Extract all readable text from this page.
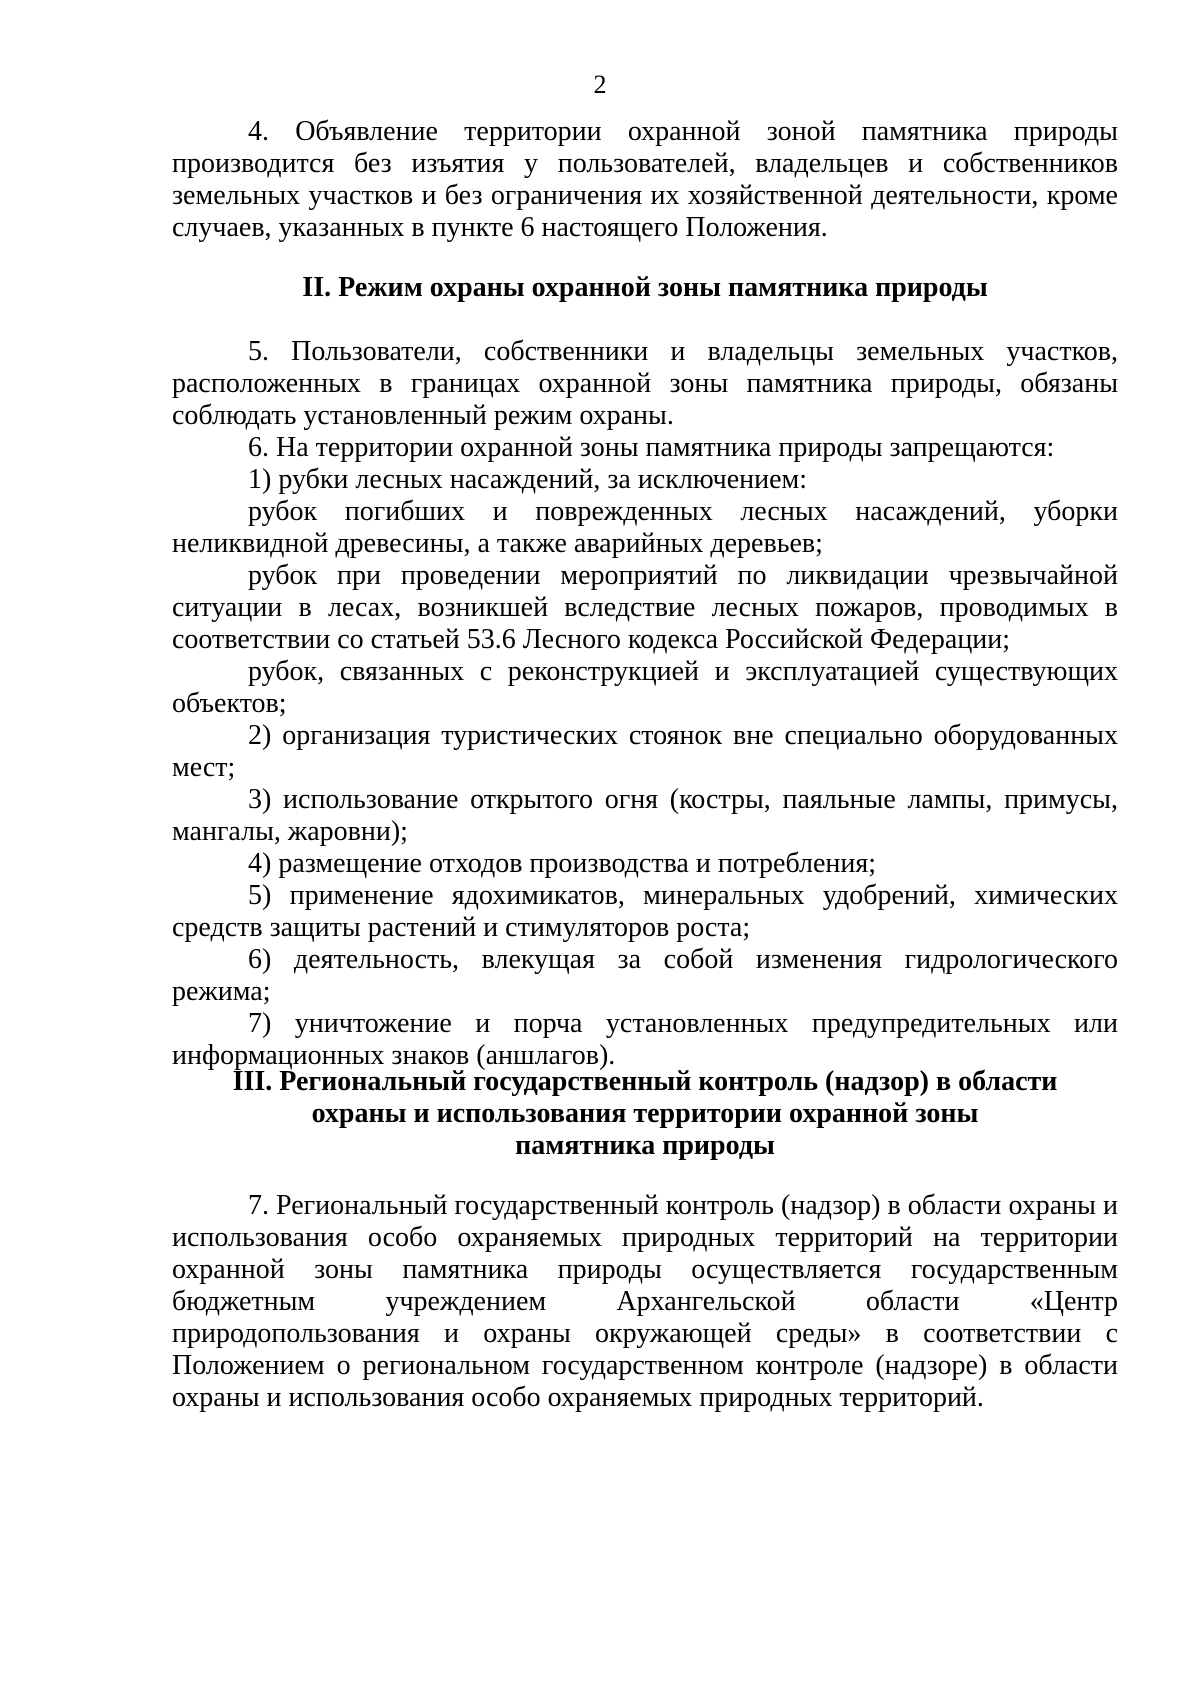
2

4. Объявление территории охранной зоной памятника природы производится без изъятия у пользователей, владельцев и собственников земельных участков и без ограничения их хозяйственной деятельности, кроме случаев, указанных в пункте 6 настоящего Положения.

II. Режим охраны охранной зоны памятника природы

5. Пользователи, собственники и владельцы земельных участков, расположенных в границах охранной зоны памятника природы, обязаны соблюдать установленный режим охраны.

6. На территории охранной зоны памятника природы запрещаются:

1) рубки лесных насаждений, за исключением:

рубок погибших и поврежденных лесных насаждений, уборки неликвидной древесины, а также аварийных деревьев;

рубок при проведении мероприятий по ликвидации чрезвычайной ситуации в лесах, возникшей вследствие лесных пожаров, проводимых в соответствии со статьей 53.6 Лесного кодекса Российской Федерации;

рубок, связанных с реконструкцией и эксплуатацией существующих объектов;

2) организация туристических стоянок вне специально оборудованных мест;

3) использование открытого огня (костры, паяльные лампы, примусы, мангалы, жаровни);

4) размещение отходов производства и потребления;

5) применение ядохимикатов, минеральных удобрений, химических средств защиты растений и стимуляторов роста;

6) деятельность, влекущая за собой изменения гидрологического режима;

7) уничтожение и порча установленных предупредительных или информационных знаков (аншлагов).

III. Региональный государственный контроль (надзор) в области
охраны и использования территории охранной зоны
памятника природы

7. Региональный государственный контроль (надзор) в области охраны и использования особо охраняемых природных территорий на территории охранной зоны памятника природы осуществляется государственным бюджетным учреждением Архангельской области «Центр природопользования и охраны окружающей среды» в соответствии с Положением о региональном государственном контроле (надзоре) в области охраны и использования особо охраняемых природных территорий.
